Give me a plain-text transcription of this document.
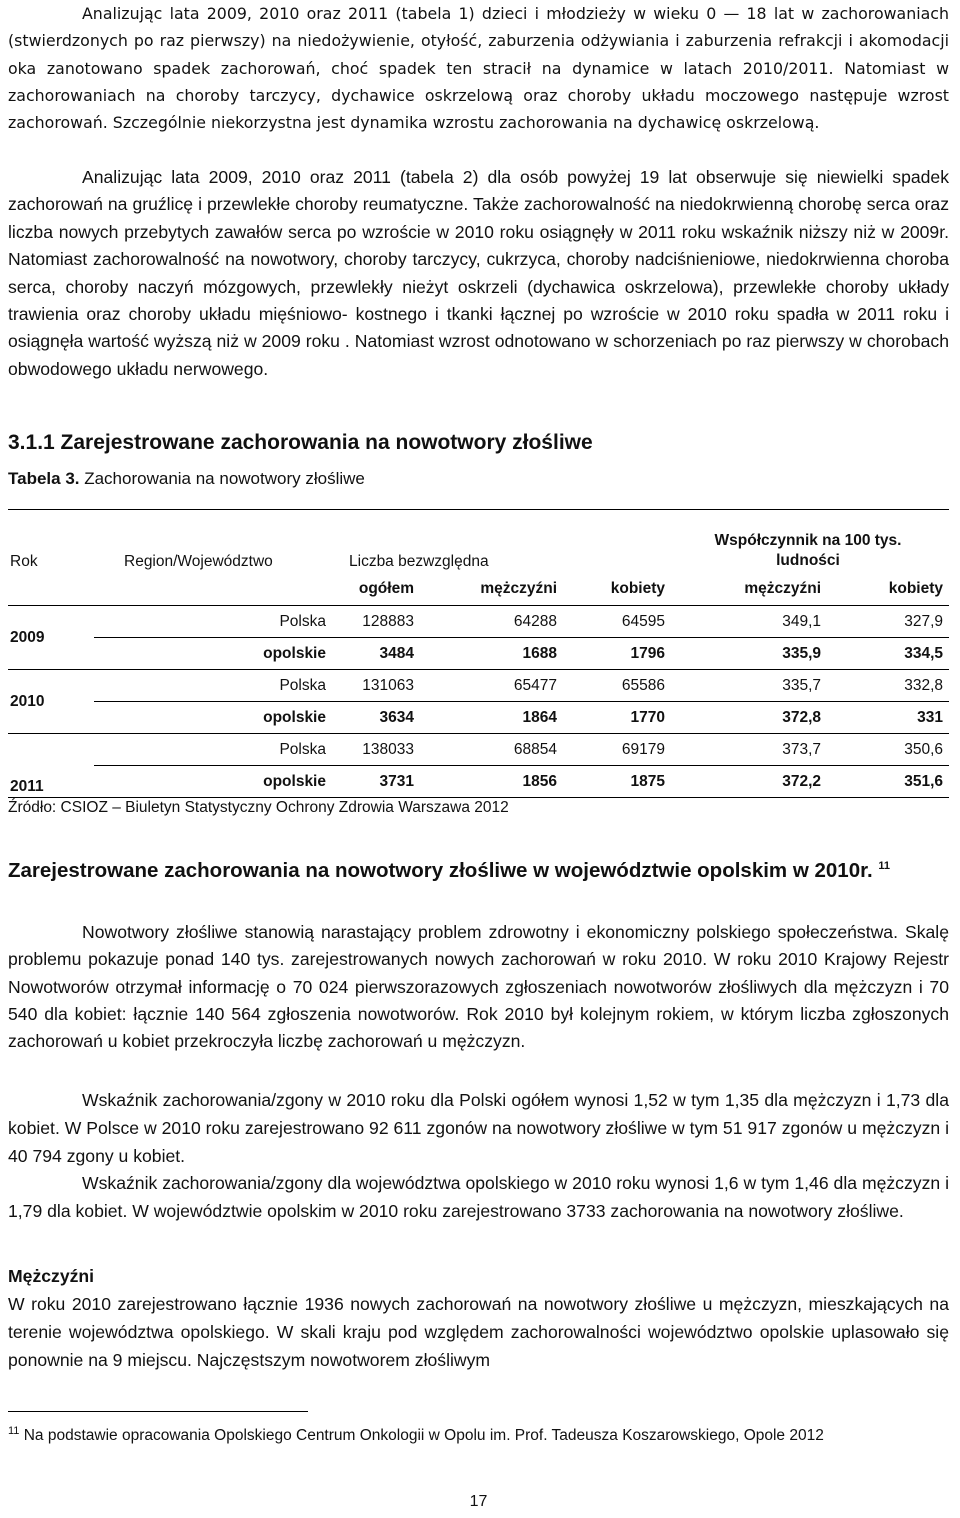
Analizując lata 2009, 2010 oraz 2011 (tabela 1) dzieci i młodzieży w wieku 0 — 18 lat w zachorowaniach (stwierdzonych po raz pierwszy) na niedożywienie, otyłość, zaburzenia odżywiania i zaburzenia refrakcji i akomodacji oka zanotowano spadek zachorowań, choć spadek ten stracił na dynamice w latach 2010/2011. Natomiast w zachorowaniach na choroby tarczycy, dychawice oskrzelową oraz choroby układu moczowego następuje wzrost zachorowań. Szczególnie niekorzystna jest dynamika wzrostu zachorowania na dychawicę oskrzelową.

Analizując lata 2009, 2010 oraz 2011 (tabela 2) dla osób powyżej 19 lat obserwuje się niewielki spadek zachorowań na gruźlicę i przewlekłe choroby reumatyczne. Także zachorowalność na niedokrwienną chorobę serca oraz liczba nowych przebytych zawałów serca po wzroście w 2010 roku osiągnęły w 2011 roku wskaźnik niższy niż w 2009r. Natomiast zachorowalność na nowotwory, choroby tarczycy, cukrzyca, choroby nadciśnieniowe, niedokrwienna choroba serca, choroby naczyń mózgowych, przewlekły nieżyt oskrzeli (dychawica oskrzelowa), przewlekłe choroby układy trawienia oraz choroby układu mięśniowo- kostnego i tkanki łącznej po wzroście w 2010 roku spadła w 2011 roku i osiągnęła wartość wyższą niż w 2009 roku . Natomiast wzrost odnotowano w schorzeniach po raz pierwszy w chorobach obwodowego układu nerwowego.

3.1.1 Zarejestrowane zachorowania na nowotwory złośliwe

Tabela 3. Zachorowania na nowotwory złośliwe

Rok	Region/Województwo	Liczba bezwzględna			Współczynnik na 100 tys.
ludności	
		ogółem	mężczyźni	kobiety	mężczyźni	kobiety
2009	Polska	128883	64288	64595	349,1	327,9
	opolskie	3484	1688	1796	335,9	334,5
2010	Polska	131063	65477	65586	335,7	332,8
	opolskie	3634	1864	1770	372,8	331
2011	Polska	138033	68854	69179	373,7	350,6
	opolskie	3731	1856	1875	372,2	351,6

Źródło: CSIOZ – Biuletyn Statystyczny Ochrony Zdrowia Warszawa 2012

Zarejestrowane zachorowania na nowotwory złośliwe w województwie opolskim w 2010r. $^{11}$

Nowotwory złośliwe stanowią narastający problem zdrowotny i ekonomiczny polskiego społeczeństwa. Skalę problemu pokazuje ponad 140 tys. zarejestrowanych nowych zachorowań w roku 2010. W roku 2010 Krajowy Rejestr Nowotworów otrzymał informację o 70 024 pierwszorazowych zgłoszeniach nowotworów złośliwych dla mężczyzn i 70 540 dla kobiet: łącznie 140 564 zgłoszenia nowotworów. Rok 2010 był kolejnym rokiem, w którym liczba zgłoszonych zachorowań u kobiet przekroczyła liczbę zachorowań u mężczyzn.

Wskaźnik zachorowania/zgony w 2010 roku dla Polski ogółem wynosi 1,52 w tym 1,35 dla mężczyzn i 1,73 dla kobiet. W Polsce w 2010 roku zarejestrowano 92 611 zgonów na nowotwory złośliwe w tym 51 917 zgonów u mężczyzn i 40 794 zgony u kobiet.

Wskaźnik zachorowania/zgony dla województwa opolskiego w 2010 roku wynosi 1,6 w tym 1,46 dla mężczyzn i 1,79 dla kobiet. W województwie opolskim w 2010 roku zarejestrowano 3733 zachorowania na nowotwory złośliwe.

Mężczyźni

W roku 2010 zarejestrowano łącznie 1936 nowych zachorowań na nowotwory złośliwe u mężczyzn, mieszkających na terenie województwa opolskiego. W skali kraju pod względem zachorowalności województwo opolskie uplasowało się ponownie na 9 miejscu. Najczęstszym nowotworem złośliwym

$^{11}$ Na podstawie opracowania Opolskiego Centrum Onkologii w Opolu im. Prof. Tadeusza Koszarowskiego, Opole 2012

17
